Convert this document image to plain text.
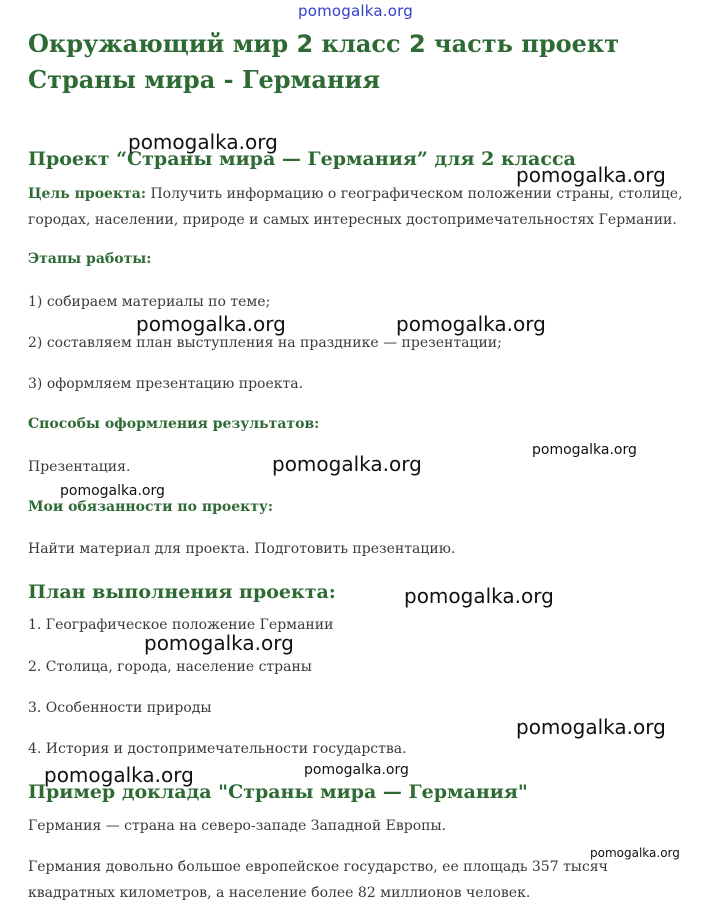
pomogalka.org
Окружающий мир 2 класс 2 часть проект Страны мира - Германия
Проект “Страны мира — Германия” для 2 класса

Цель проекта: Получить информацию о географическом положении страны, столице, городах, населении, природе и самых интересных достопримечательностях Германии.

Этапы работы:

1) собираем материалы по теме;

2) составляем план выступления на празднике — презентации;

3) оформляем презентацию проекта.

Способы оформления результатов:

Презентация.

Мои обязанности по проекту:

Найти материал для проекта. Подготовить презентацию.

План выполнения проекта:

1. Географическое положение Германии

2. Столица, города, население страны

3. Особенности природы

4. История и достопримечательности государства.

Пример доклада "Страны мира — Германия"

Германия — страна на северо-западе Западной Европы.

Германия довольно большое европейское государство, ее площадь 357 тысяч квадратных километров, а население более 82 миллионов человек.

pomogalka.org
pomogalka.org
pomogalka.org	pomogalka.org
pomogalka.org
pomogalka.org
pomogalka.org
pomogalka.org
pomogalka.org
pomogalka.org
pomogalka.org	pomogalka.org
pomogalka.org
